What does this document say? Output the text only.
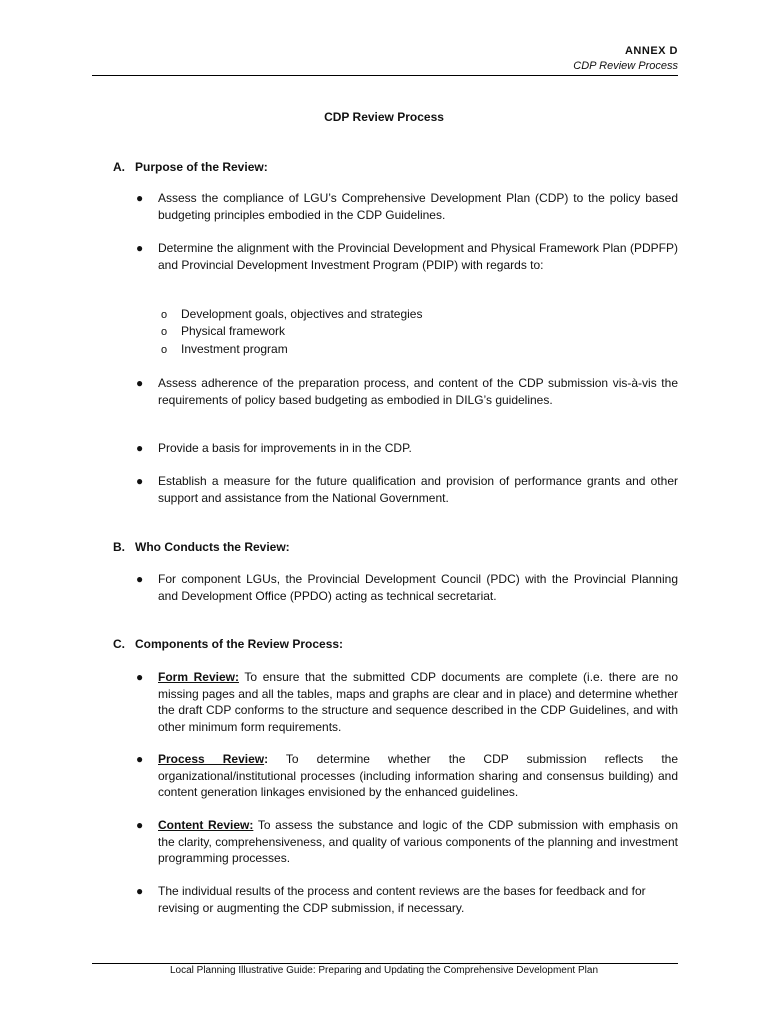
ANNEX D
CDP Review Process
CDP Review Process
A. Purpose of the Review:
●	Assess the compliance of LGU’s Comprehensive Development Plan (CDP) to the policy based budgeting principles embodied in the CDP Guidelines.
●	Determine the alignment with the Provincial Development and Physical Framework Plan (PDPFP) and Provincial Development Investment Program (PDIP) with regards to:
o Development goals, objectives and strategies
o Physical framework
o Investment program
●	Assess adherence of the preparation process, and content of the CDP submission vis-à-vis the requirements of policy based budgeting as embodied in DILG’s guidelines.
●	Provide a basis for improvements in in the CDP.
●	Establish a measure for the future qualification and provision of performance grants and other support and assistance from the National Government.
B. Who Conducts the Review:
●	For component LGUs, the Provincial Development Council (PDC) with the Provincial Planning and Development Office (PPDO) acting as technical secretariat.
C. Components of the Review Process:
●	Form Review: To ensure that the submitted CDP documents are complete (i.e. there are no missing pages and all the tables, maps and graphs are clear and in place) and determine whether the draft CDP conforms to the structure and sequence described in the CDP Guidelines, and with other minimum form requirements.
●	Process Review: To determine whether the CDP submission reflects the organizational/institutional processes (including information sharing and consensus building) and content generation linkages envisioned by the enhanced guidelines.
●	Content Review: To assess the substance and logic of the CDP submission with emphasis on the clarity, comprehensiveness, and quality of various components of the planning and investment programming processes.
●	The individual results of the process and content reviews are the bases for feedback and for revising or augmenting the CDP submission, if necessary.
Local Planning Illustrative Guide: Preparing and Updating the Comprehensive Development Plan
